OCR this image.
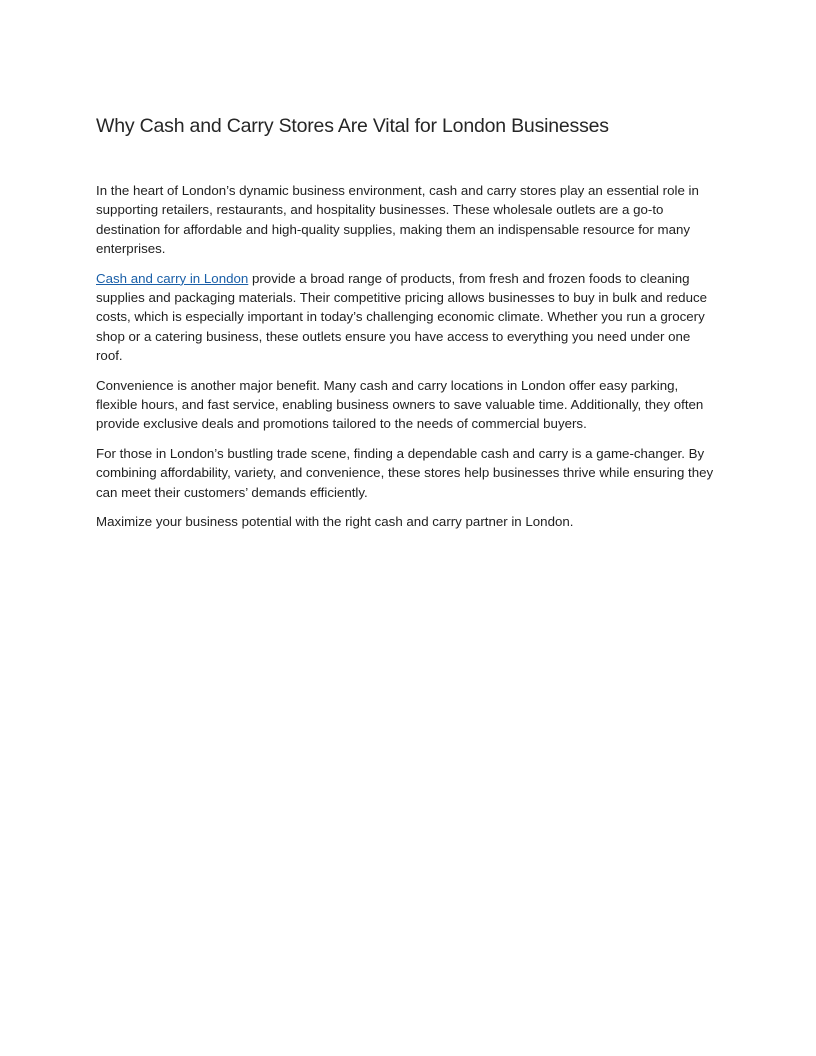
Why Cash and Carry Stores Are Vital for London Businesses

In the heart of London’s dynamic business environment, cash and carry stores play an essential role in supporting retailers, restaurants, and hospitality businesses. These wholesale outlets are a go-to destination for affordable and high-quality supplies, making them an indispensable resource for many enterprises.

Cash and carry in London provide a broad range of products, from fresh and frozen foods to cleaning supplies and packaging materials. Their competitive pricing allows businesses to buy in bulk and reduce costs, which is especially important in today’s challenging economic climate. Whether you run a grocery shop or a catering business, these outlets ensure you have access to everything you need under one roof.

Convenience is another major benefit. Many cash and carry locations in London offer easy parking, flexible hours, and fast service, enabling business owners to save valuable time. Additionally, they often provide exclusive deals and promotions tailored to the needs of commercial buyers.

For those in London’s bustling trade scene, finding a dependable cash and carry is a game-changer. By combining affordability, variety, and convenience, these stores help businesses thrive while ensuring they can meet their customers’ demands efficiently.

Maximize your business potential with the right cash and carry partner in London.
